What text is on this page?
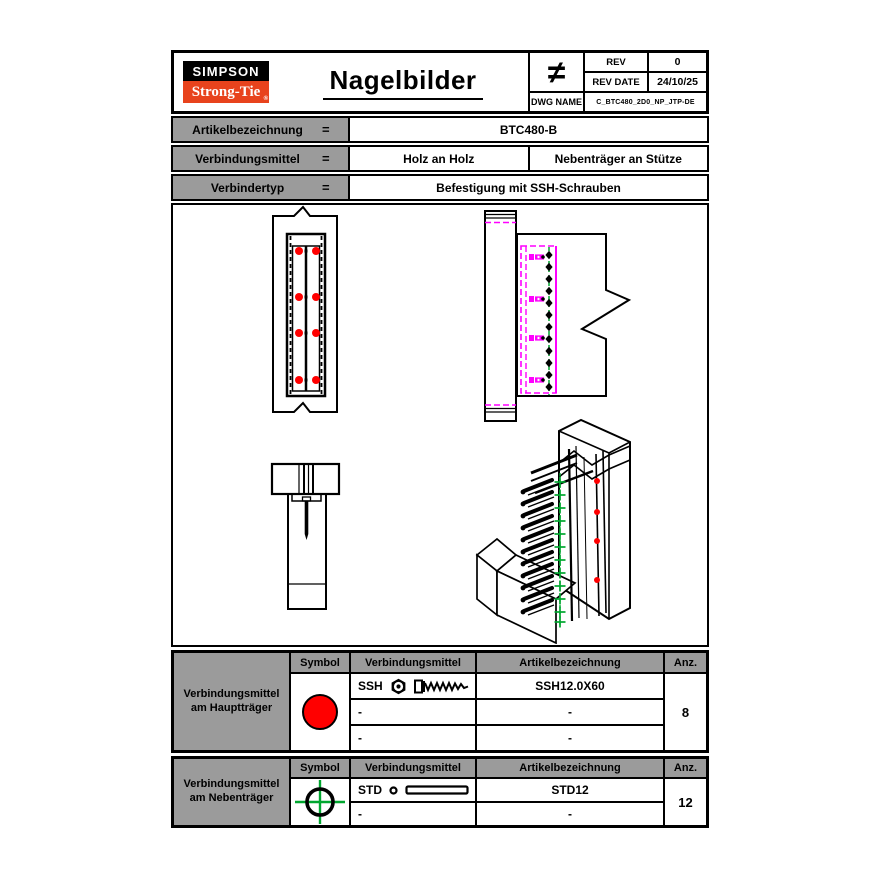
SIMPSON
Strong-Tie ®
Nagelbilder	≠	REV	0
REV DATE	24/10/25
DWG NAME	C_BTC480_2D0_NP_JTP-DE
Artikelbezeichnung	=	BTC480-B
Verbindungsmittel	=	Holz an Holz	Nebenträger an Stütze
Verbindertyp	=	Befestigung mit SSH-Schrauben
Verbindungsmittel
am Hauptträger
Symbol	Verbindungsmittel	Artikelbezeichnung	Anz.
SSH	SSH12.0X60
-	-
-	-
8
Verbindungsmittel
am Nebenträger
Symbol	Verbindungsmittel	Artikelbezeichnung	Anz.
STD	STD12
-	-
12
